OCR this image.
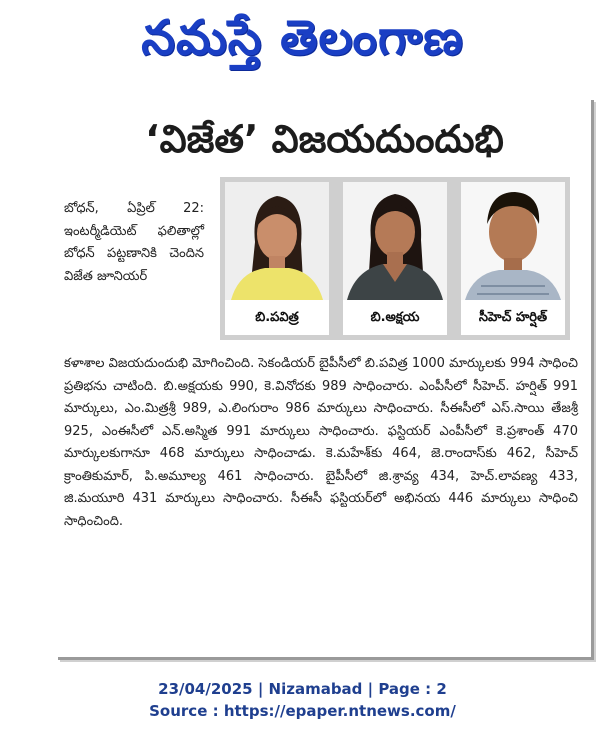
నమస్తే తెలంగాణ
‘విజేత’ విజయదుందుభి
బోధన్, ఏప్రిల్ 22: ఇంటర్మీడియెట్ ఫలితాల్లో బోధన్ పట్టణానికి చెందిన విజేత జూనియర్
బి.పవిత్ర	బి.అక్షయ	సీహెచ్ హర్షిత్
కళాశాల విజయదుందుభి మోగించింది. సెకండియర్ బైపీసీలో బి.పవిత్ర 1000 మార్కులకు 994 సాధించి ప్రతిభను చాటింది. బి.అక్షయకు 990, కె.వినోదకు 989 సాధించారు. ఎంపీసీలో సీహెచ్. హర్షిత్ 991 మార్కులు, ఎం.మిత్రశ్రీ 989, ఎ.లింగురాం 986 మార్కులు సాధించారు. సీఈసీలో ఎస్.సాయి తేజశ్రీ 925, ఎంఈసీలో ఎన్.అస్మిత 991 మార్కులు సాధించారు. ఫస్టియర్ ఎంపీసీలో కె.ప్రశాంత్ 470 మార్కులకుగానూ 468 మార్కులు సాధించాడు. కె.మహేశ్‌కు 464, జె.రాందాస్‌కు 462, సీహెచ్ క్రాంతికుమార్, పి.అమూల్య 461 సాధించారు. బైపీసీలో జి.శ్రావ్య 434, హెచ్.లావణ్య 433, జి.మయూరి 431 మార్కులు సాధించారు. సీఈసీ ఫస్టియర్‌లో అభినయ 446 మార్కులు సాధించి సాధించింది.
23/04/2025 | Nizamabad | Page : 2
Source : https://epaper.ntnews.com/
